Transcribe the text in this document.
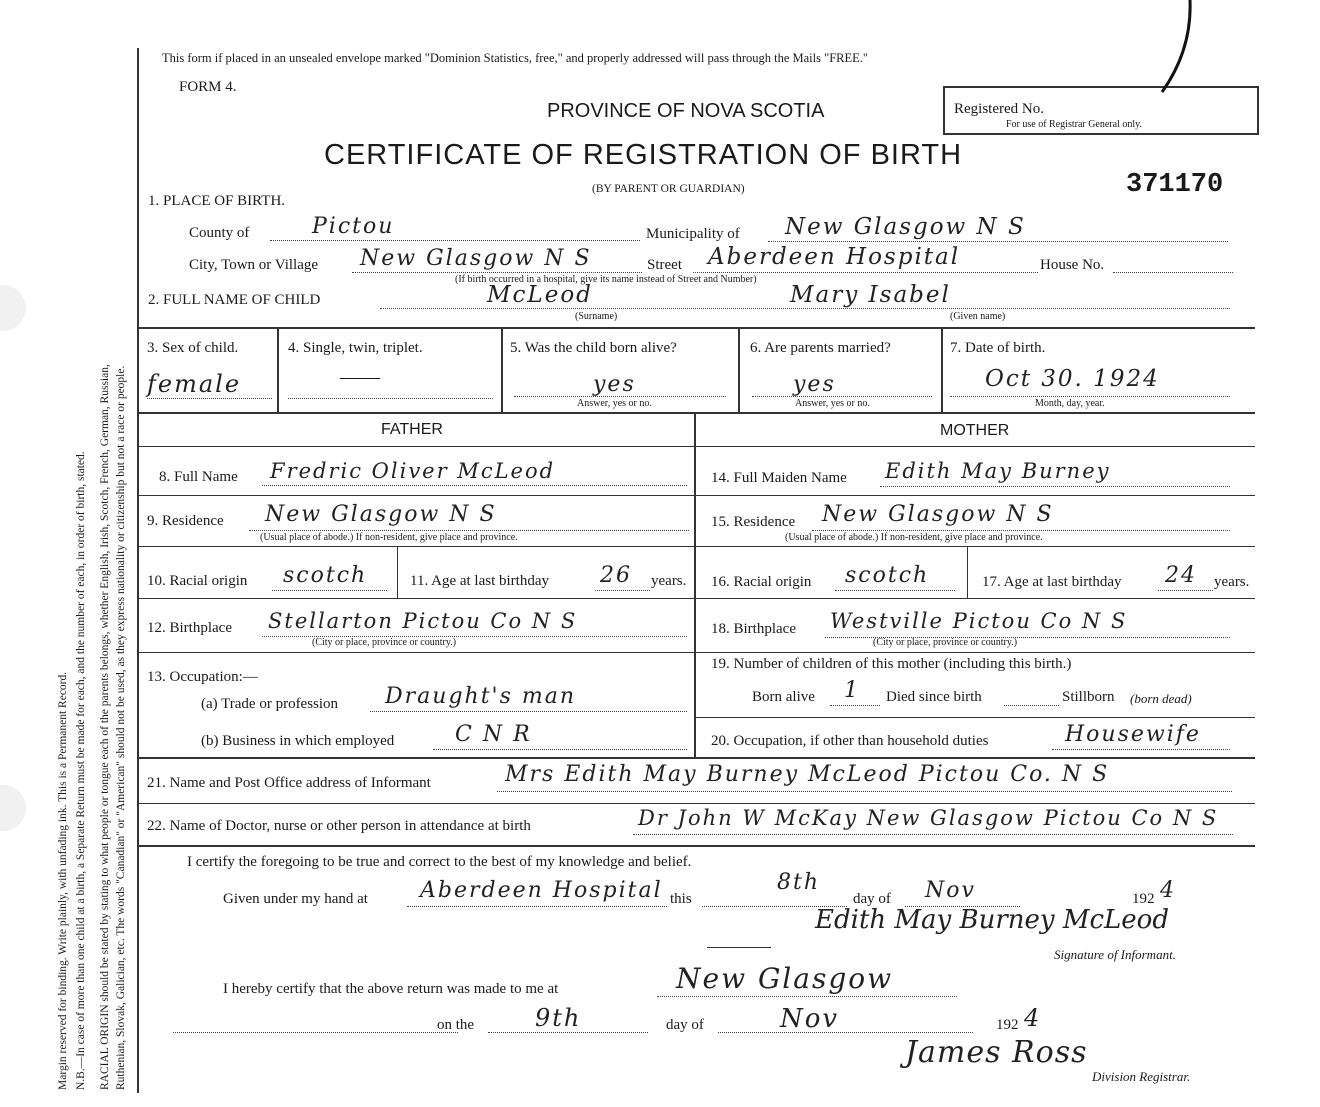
Margin reserved for binding. Write plainly, with unfading ink. This is a Permanent Record. N.B.—In case of more than one child at a birth, a Separate Return must be made for each, and the number of each, in order of birth, stated. RACIAL ORIGIN should be stated by stating to what people or tongue each of the parents belongs, whether English, Irish, Scotch, French, German, Russian, Ruthenian, Slovak, Galician, etc. The words "Canadian" or "American" should not be used, as they express nationality or citizenship but not a race or people.
This form if placed in an unsealed envelope marked "Dominion Statistics, free," and properly addressed will pass through the Mails "FREE."
FORM 4.
PROVINCE OF NOVA SCOTIA
CERTIFICATE OF REGISTRATION OF BIRTH
(BY PARENT OR GUARDIAN)
Registered No.
For use of Registrar General only.
371170
1. PLACE OF BIRTH.
County of	Pictou	Municipality of New Glasgow N S
City, Town or Village New Glasgow N S	Street Aberdeen Hospital	House No.
(If birth occurred in a hospital, give its name instead of Street and Number)
2. FULL NAME OF CHILD	McLeod
(Surname)
Mary Isabel
(Given name)
3. Sex of child.
female
4. Single, twin, triplet.
——
5. Was the child born alive?
yes
Answer, yes or no.
6. Are parents married?
yes
Answer, yes or no.
7. Date of birth.
Oct 30. 1924
Month, day, year.
FATHER
8. Full Name Fredric Oliver McLeod
9. Residence New Glasgow N S
(Usual place of abode.) If non-resident, give place and province.
10. Racial origin scotch	11. Age at last birthday 26 years.
12. Birthplace Stellarton Pictou Co N S
(City or place, province or country.)
13. Occupation:—
(a) Trade or profession Draught's man
(b) Business in which employed	C N R
MOTHER
14. Full Maiden Name Edith May Burney
15. Residence New Glasgow N S
(Usual place of abode.) If non-resident, give place and province.
16. Racial origin scotch	17. Age at last birthday 24 years.
18. Birthplace Westville Pictou Co N S
(City or place, province or country.)
19. Number of children of this mother (including this birth.)
Born alive 1 Died since birth	Stillborn (born dead)
20. Occupation, if other than household duties	Housewife
21. Name and Post Office address of Informant	Mrs Edith May Burney McLeod Pictou Co. N S
22. Name of Doctor, nurse or other person in attendance at birth	Dr John W McKay New Glasgow Pictou Co N S
I certify the foregoing to be true and correct to the best of my knowledge and belief.
Given under my hand at Aberdeen Hospital this
8th
day of Nov	192 4
Edith May Burney McLeod
Signature of Informant.
I hereby certify that the above return was made to me at	New Glasgow
on the	9th	day of	Nov	192 4
James Ross
Division Registrar.
